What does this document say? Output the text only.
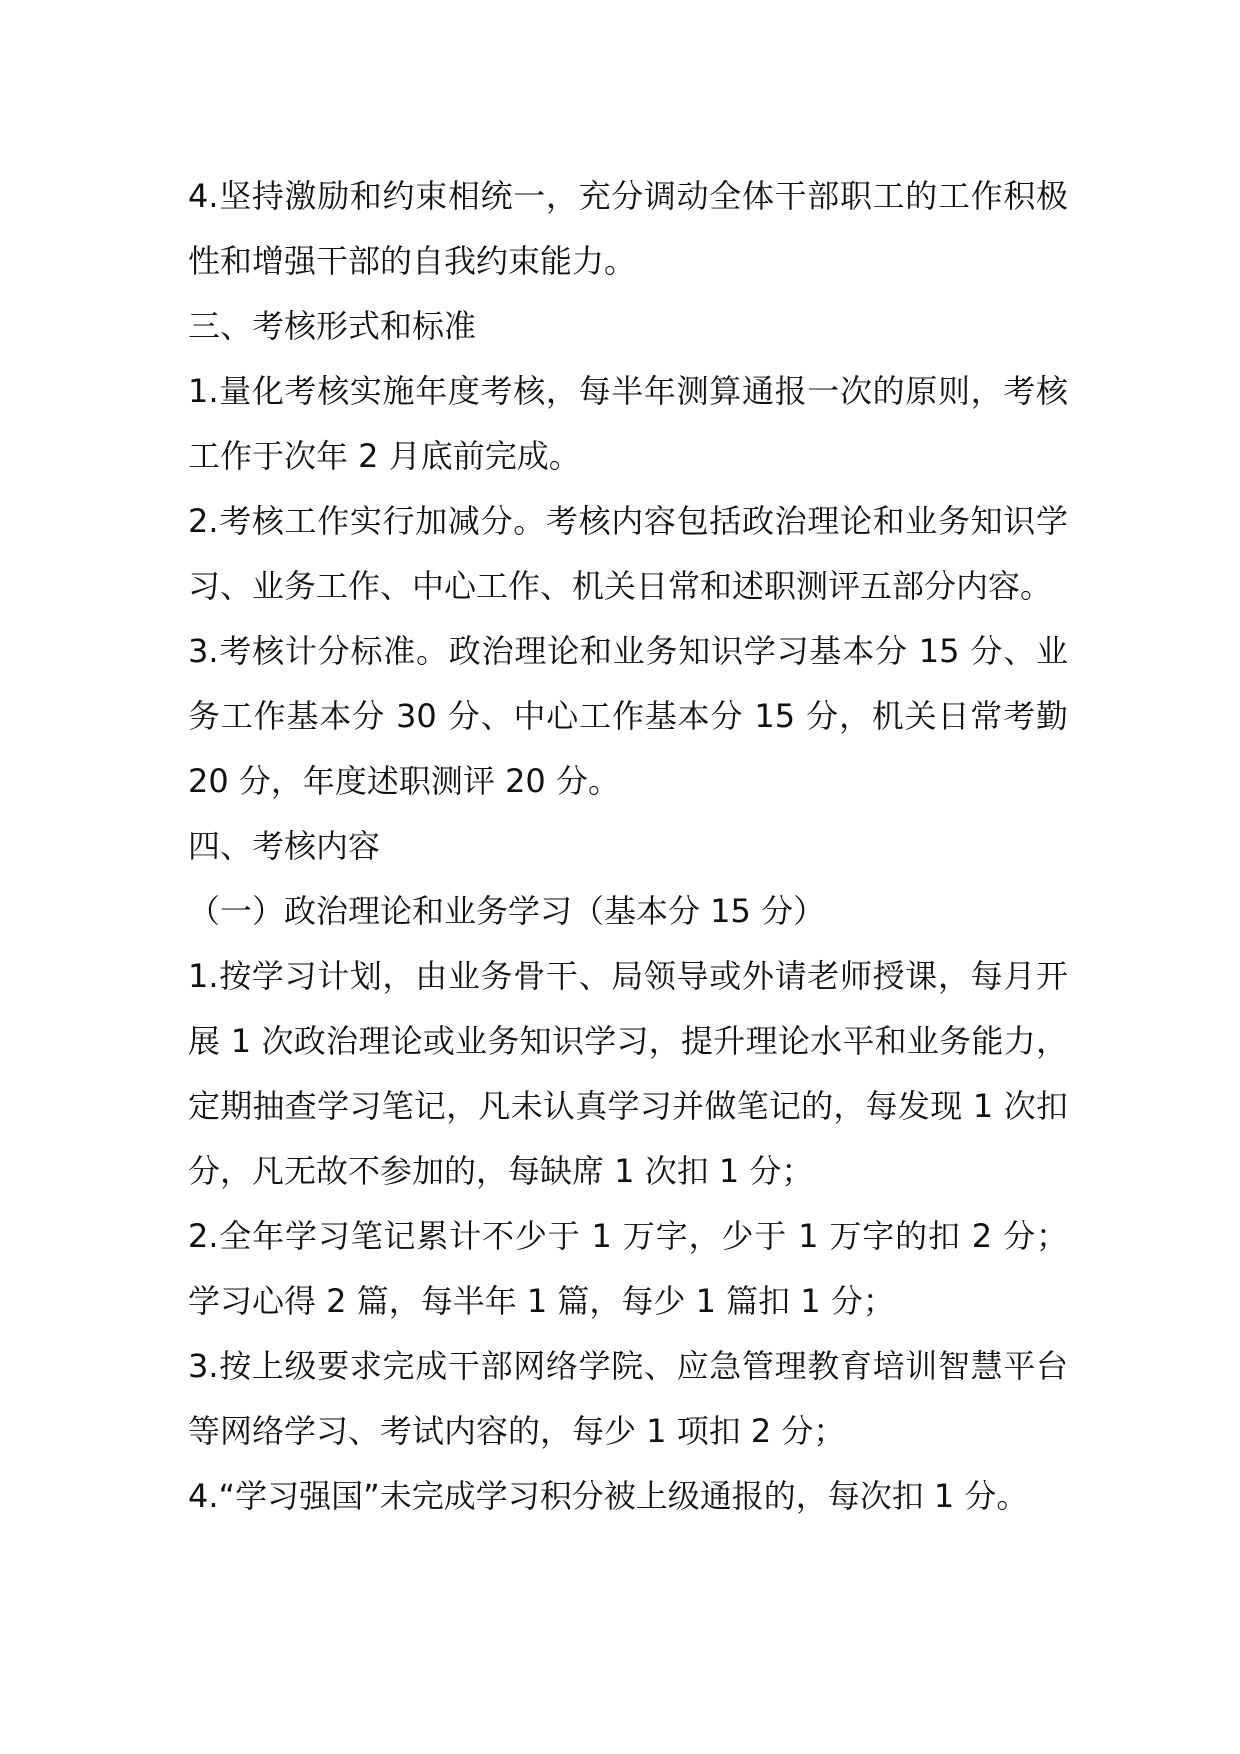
4.坚持激励和约束相统一，充分调动全体干部职工的工作积极性和增强干部的自我约束能力。

三、考核形式和标准

1.量化考核实施年度考核，每半年测算通报一次的原则，考核工作于次年 2 月底前完成。

2.考核工作实行加减分。考核内容包括政治理论和业务知识学习、业务工作、中心工作、机关日常和述职测评五部分内容。

3.考核计分标准。政治理论和业务知识学习基本分 15 分、业务工作基本分 30 分、中心工作基本分 15 分，机关日常考勤 20 分，年度述职测评 20 分。

四、考核内容

（一）政治理论和业务学习（基本分 15 分）

1.按学习计划，由业务骨干、局领导或外请老师授课，每月开展 1 次政治理论或业务知识学习，提升理论水平和业务能力，定期抽查学习笔记，凡未认真学习并做笔记的，每发现 1 次扣分，凡无故不参加的，每缺席 1 次扣 1 分；

2.全年学习笔记累计不少于 1 万字，少于 1 万字的扣 2 分；学习心得 2 篇，每半年 1 篇，每少 1 篇扣 1 分；

3.按上级要求完成干部网络学院、应急管理教育培训智慧平台等网络学习、考试内容的，每少 1 项扣 2 分；

4.“学习强国”未完成学习积分被上级通报的，每次扣 1 分。
